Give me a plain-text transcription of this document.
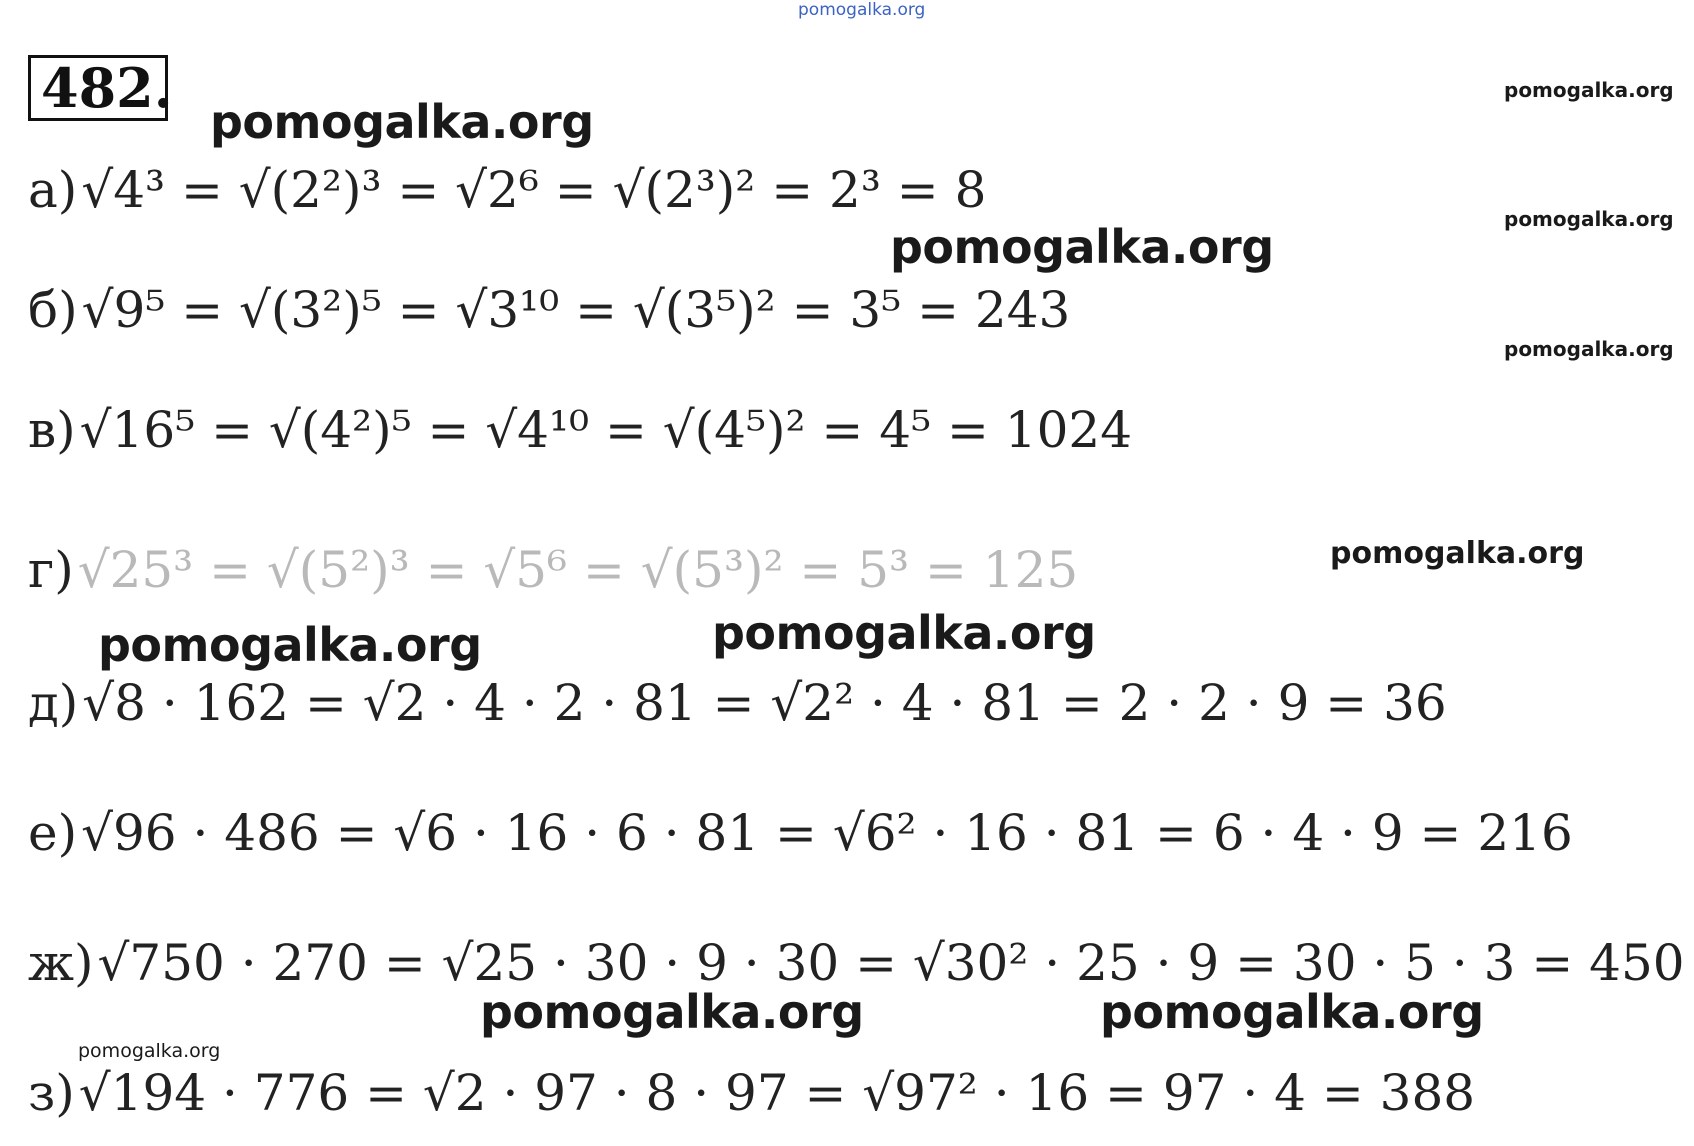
pomogalka.org
482.
pomogalka.org
pomogalka.org
pomogalka.org	pomogalka.org
pomogalka.org	pomogalka.org
pomogalka.org
pomogalka.org
pomogalka.org
pomogalka.org
pomogalka.org
а)√4³ = √(2²)³ = √2⁶ = √(2³)² = 2³ = 8
б)√9⁵ = √(3²)⁵ = √3¹⁰ = √(3⁵)² = 3⁵ = 243
в)√16⁵ = √(4²)⁵ = √4¹⁰ = √(4⁵)² = 4⁵ = 1024
г)√25³ = √(5²)³ = √5⁶ = √(5³)² = 5³ = 125
д)√8 · 162 = √2 · 4 · 2 · 81 = √2² · 4 · 81 = 2 · 2 · 9 = 36
е)√96 · 486 = √6 · 16 · 6 · 81 = √6² · 16 · 81 = 6 · 4 · 9 = 216
ж)√750 · 270 = √25 · 30 · 9 · 30 = √30² · 25 · 9 = 30 · 5 · 3 = 450
з)√194 · 776 = √2 · 97 · 8 · 97 = √97² · 16 = 97 · 4 = 388
